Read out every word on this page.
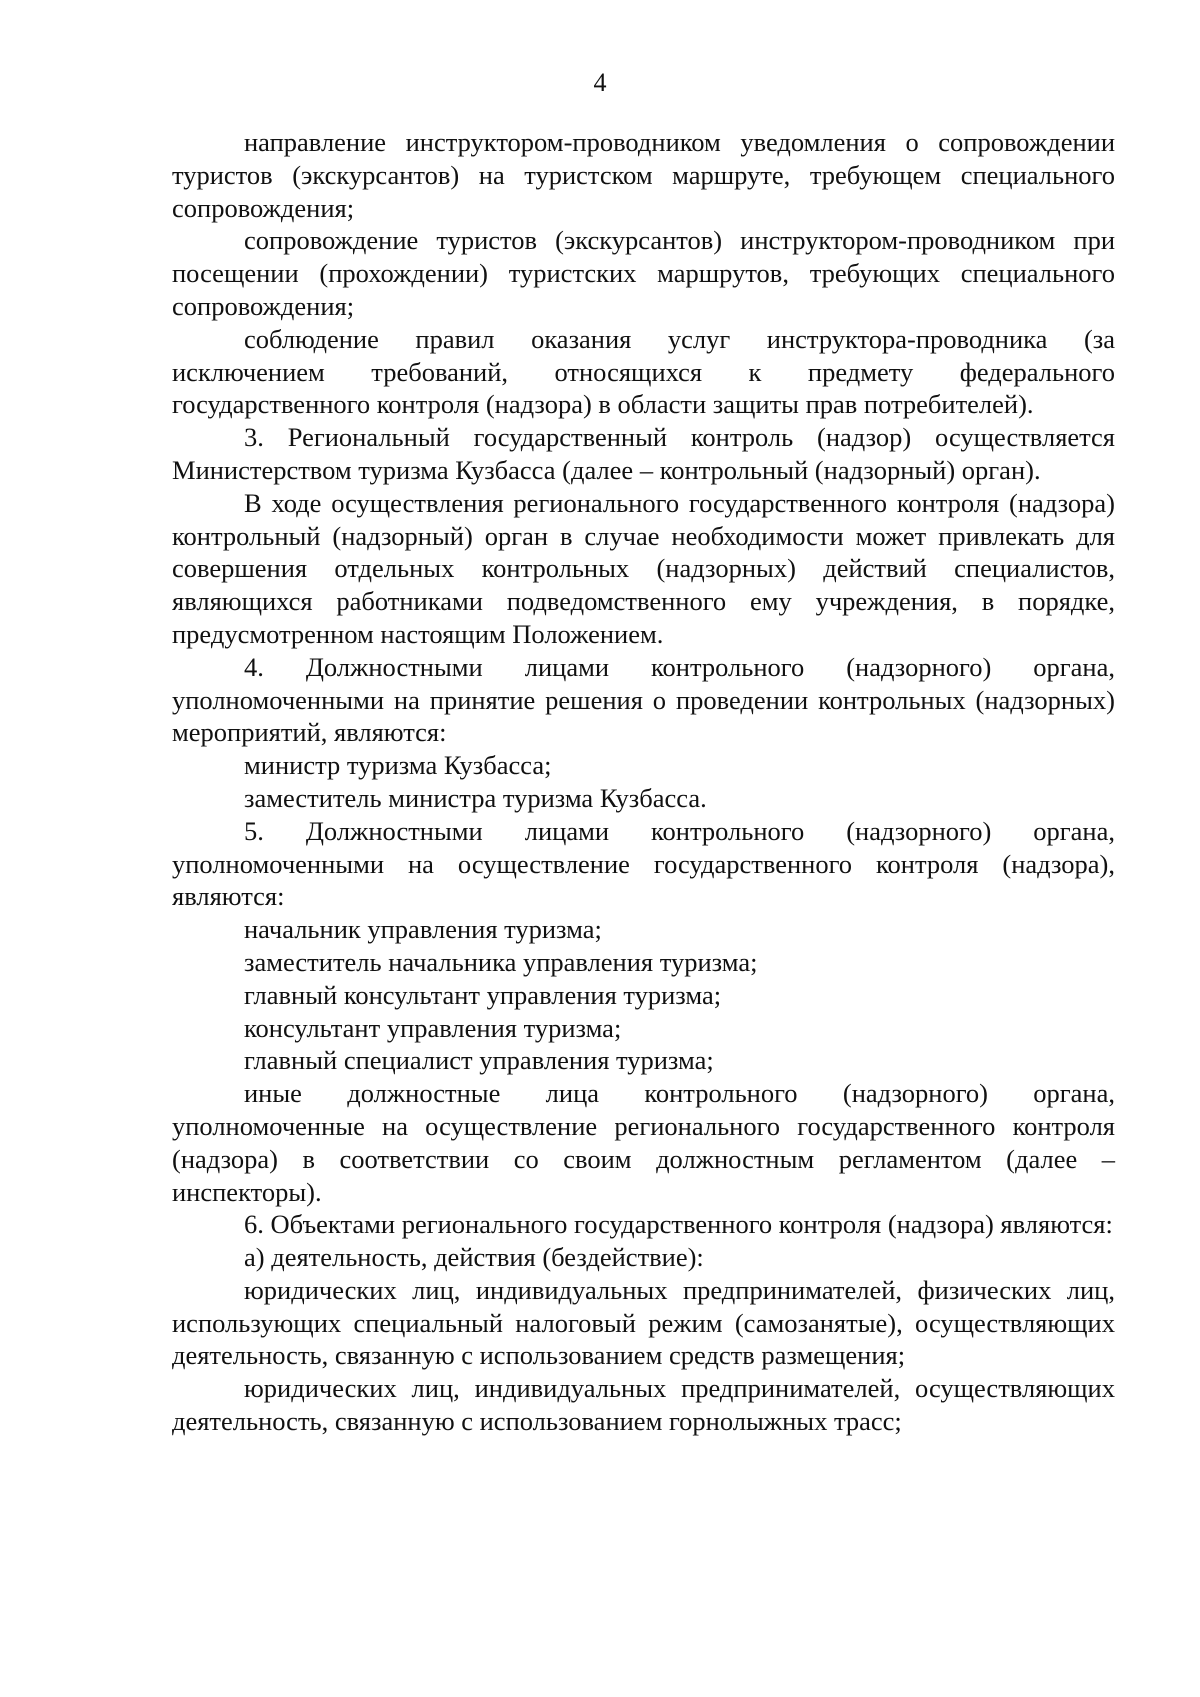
4

направление инструктором-проводником уведомления о сопровождении туристов (экскурсантов) на туристском маршруте, требующем специального сопровождения;

сопровождение туристов (экскурсантов) инструктором-проводником при посещении (прохождении) туристских маршрутов, требующих специального сопровождения;

соблюдение правил оказания услуг инструктора-проводника (за исключением требований, относящихся к предмету федерального государственного контроля (надзора) в области защиты прав потребителей).

3. Региональный государственный контроль (надзор) осуществляется Министерством туризма Кузбасса (далее – контрольный (надзорный) орган).

В ходе осуществления регионального государственного контроля (надзора) контрольный (надзорный) орган в случае необходимости может привлекать для совершения отдельных контрольных (надзорных) действий специалистов, являющихся работниками подведомственного ему учреждения, в порядке, предусмотренном настоящим Положением.

4. Должностными лицами контрольного (надзорного) органа, уполномоченными на принятие решения о проведении контрольных (надзорных) мероприятий, являются:

министр туризма Кузбасса;

заместитель министра туризма Кузбасса.

5. Должностными лицами контрольного (надзорного) органа, уполномоченными на осуществление государственного контроля (надзора), являются:

начальник управления туризма;

заместитель начальника управления туризма;

главный консультант управления туризма;

консультант управления туризма;

главный специалист управления туризма;

иные должностные лица контрольного (надзорного) органа, уполномоченные на осуществление регионального государственного контроля (надзора) в соответствии со своим должностным регламентом (далее – инспекторы).

6. Объектами регионального государственного контроля (надзора) являются:

а) деятельность, действия (бездействие):

юридических лиц, индивидуальных предпринимателей, физических лиц, использующих специальный налоговый режим (самозанятые), осуществляющих деятельность, связанную с использованием средств размещения;

юридических лиц, индивидуальных предпринимателей, осуществляющих деятельность, связанную с использованием горнолыжных трасс;
